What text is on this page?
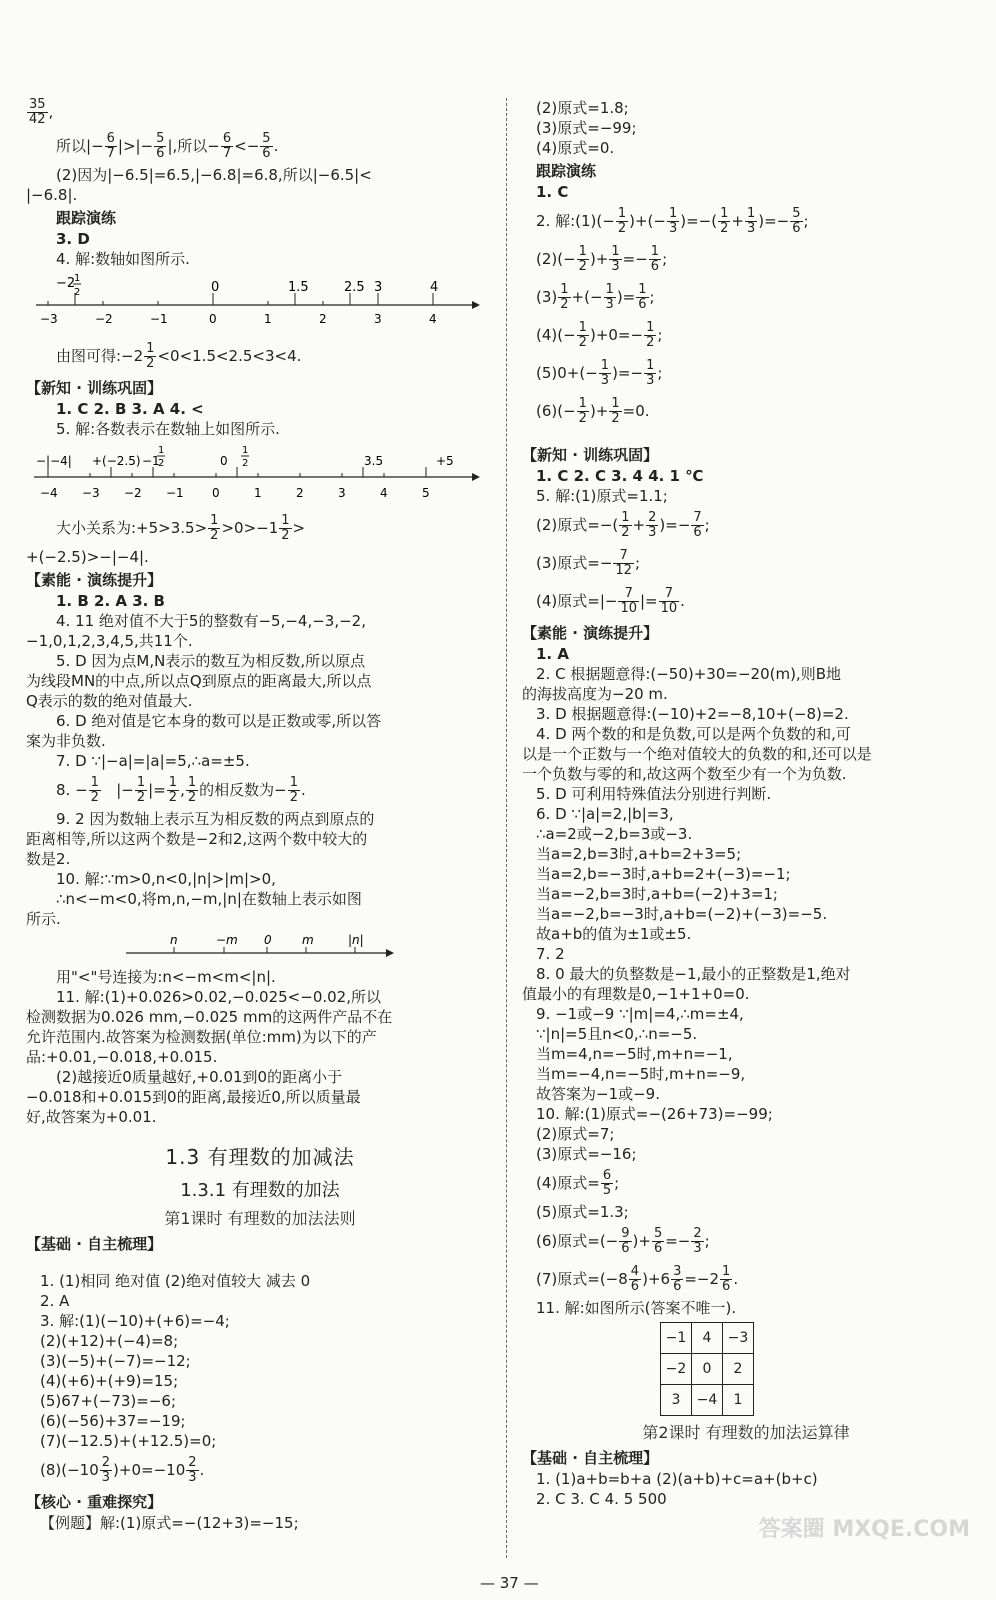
$\frac{35}{42}$ ,

所以|− $\frac{6}{7}$ |>|− $\frac{5}{6}$ |,所以− $\frac{6}{7} <- \frac{5}{6}$ .

(2)因为|−6.5|=6.5,|−6.8|=6.8,所以|−6.5|<

|−6.8|.

跟踪演练

3. D

4. 解:数轴如图所示.

−2
1
2	0	1.5	2.5 3	4
−3	−2	−1	0	1	2	3	4

由图可得:−2 $\frac{1}{2} <0<1.5<2.5<3<4$.

【新知 · 训练巩固】

1. C 2. B 3. A 4. <

5. 解:各数表示在数轴上如图所示.

−|−4| +(−2.5) −1	0	3.5	+5
1
2
1
2
−4 −3 −2 −1 0	1	2	3	4	5

大小关系为:+5>3.5> $\frac{1}{2} >0>-1 \frac{1}{2}$ >

+(−2.5)>−|−4|.

【素能 · 演练提升】

1. B 2. A 3. B

4. 11 绝对值不大于5的整数有−5,−4,−3,−2,

−1,0,1,2,3,4,5,共11个.

5. D 因为点M,N表示的数互为相反数,所以原点

为线段MN的中点,所以点Q到原点的距离最大,所以点

Q表示的数的绝对值最大.

6. D 绝对值是它本身的数可以是正数或零,所以答

案为非负数.

7. D ∵|−a|=|a|=5,∴a=±5.

8. − $\frac{1}{2}$ |− $\frac{1}{2}$ |= $\frac{1}{2}$ , $\frac{1}{2}$ 的相反数为− $\frac{1}{2}$ .

9. 2 因为数轴上表示互为相反数的两点到原点的

距离相等,所以这两个数是−2和2,这两个数中较大的

数是2.

10. 解:∵m>0,n<0,|n|>|m|>0,

∴n<−m<0,将m,n,−m,|n|在数轴上表示如图

所示.

n	−m 0	m	|n|

用"<"号连接为:n<−m<m<|n|.

11. 解:(1)+0.026>0.02,−0.025<−0.02,所以

检测数据为0.026 mm,−0.025 mm的这两件产品不在

允许范围内.故答案为检测数据(单位:mm)为以下的产

品:+0.01,−0.018,+0.015.

(2)越接近0质量越好,+0.01到0的距离小于

−0.018和+0.015到0的距离,最接近0,所以质量最

好,故答案为+0.01.

1.3 有理数的加减法

1.3.1 有理数的加法

第1课时 有理数的加法法则

【基础 · 自主梳理】

1. (1)相同 绝对值 (2)绝对值较大 减去 0

2. A

3. 解:(1)(−10)+(+6)=−4;

(2)(+12)+(−4)=8;

(3)(−5)+(−7)=−12;

(4)(+6)+(+9)=15;

(5)67+(−73)=−6;

(6)(−56)+37=−19;

(7)(−12.5)+(+12.5)=0;

$(8)(-10 \frac{2}{3} )+0=-10 \frac{2}{3}$ .

【核心 · 重难探究】

【例题】解:(1)原式=−(12+3)=−15;

(2)原式=1.8;

(3)原式=−99;

(4)原式=0.

跟踪演练

1. C

2. 解:(1)(− $\frac{1}{2}$ )+(− $\frac{1}{3}$ )=−( $\frac{1}{2} + \frac{1}{3}$ )=− $\frac{5}{6}$ ;

$(2)(- \frac{1}{2}$ )+ $\frac{1}{3} =- \frac{1}{6}$ ;

$(3) \frac{1}{2}$ +(− $\frac{1}{3}$ )= $\frac{1}{6}$ ;

$(4)(- \frac{1}{2} )+0=- \frac{1}{2}$ ;

$(5)0+(- \frac{1}{3}$ )=− $\frac{1}{3}$ ;

$(6)(- \frac{1}{2}$ )+ $\frac{1}{2} =0$.

【新知 · 训练巩固】

1. C 2. C 3. 4 4. 1 ℃

5. 解:(1)原式=1.1;

(2)原式=−( $\frac{1}{2} + \frac{2}{3}$ )=− $\frac{7}{6}$ ;

(3)原式=− $\frac{7}{12}$ ;

(4)原式=|− $\frac{7}{10}$ |= $\frac{7}{10}$ .

【素能 · 演练提升】

1. A

2. C 根据题意得:(−50)+30=−20(m),则B地

的海拔高度为−20 m.

3. D 根据题意得:(−10)+2=−8,10+(−8)=2.

4. D 两个数的和是负数,可以是两个负数的和,可

以是一个正数与一个绝对值较大的负数的和,还可以是

一个负数与零的和,故这两个数至少有一个为负数.

5. D 可利用特殊值法分别进行判断.

6. D ∵|a|=2,|b|=3,

∴a=2或−2,b=3或−3.

当a=2,b=3时,a+b=2+3=5;

当a=2,b=−3时,a+b=2+(−3)=−1;

当a=−2,b=3时,a+b=(−2)+3=1;

当a=−2,b=−3时,a+b=(−2)+(−3)=−5.

故a+b的值为±1或±5.

7. 2

8. 0 最大的负整数是−1,最小的正整数是1,绝对

值最小的有理数是0,−1+1+0=0.

9. −1或−9 ∵|m|=4,∴m=±4,

∵|n|=5且n<0,∴n=−5.

当m=4,n=−5时,m+n=−1,

当m=−4,n=−5时,m+n=−9,

故答案为−1或−9.

10. 解:(1)原式=−(26+73)=−99;

(2)原式=7;

(3)原式=−16;

(4)原式= $\frac{6}{5}$ ;

(5)原式=1.3;

(6)原式=(− $\frac{9}{6}$ )+ $\frac{5}{6} =- \frac{2}{3}$ ;

(7)原式$=(-8 \frac{4}{6} )+6 \frac{3}{6} =-2 \frac{1}{6}$ .

11. 解:如图所示(答案不唯一).

−1	4	−3
−2	0	2
3	−4	1

第2课时 有理数的加法运算律

【基础 · 自主梳理】

1. (1)a+b=b+a (2)(a+b)+c=a+(b+c)

2. C 3. C 4. 5 500

— 37 —
答案圈 MXQE.COM
